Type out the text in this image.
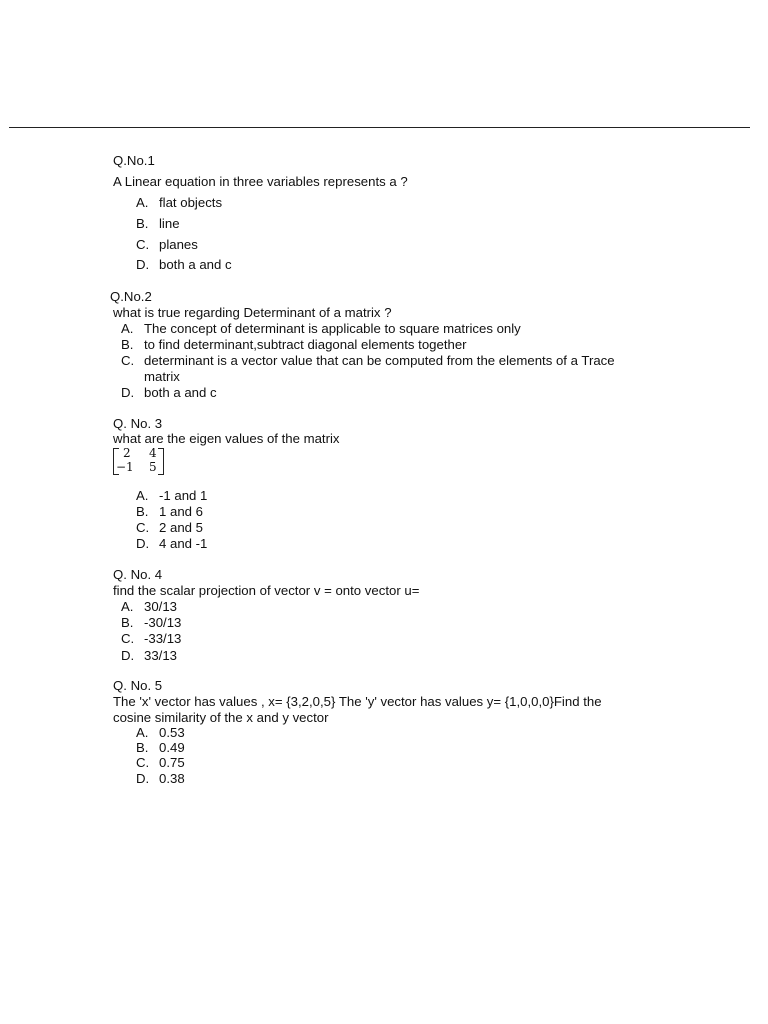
Q.No.1
A Linear equation in three variables represents a ?
A. flat objects
B. line
C. planes
D. both a and c
Q.No.2
what is true regarding Determinant of a matrix ?
A. The concept of determinant is applicable to square matrices only
B. to find determinant,subtract diagonal elements together
C. determinant is a vector value that can be computed from the elements of a Trace
matrix
D. both a and c
Q. No. 3
what are the eigen values of the matrix
2 4
−1 5
A. -1 and 1
B. 1 and 6
C. 2 and 5
D. 4 and -1
Q. No. 4
find the scalar projection of vector v = onto vector u=
A. 30/13
B. -30/13
C. -33/13
D. 33/13
Q. No. 5
The 'x' vector has values , x= {3,2,0,5} The 'y' vector has values y= {1,0,0,0}Find the
cosine similarity of the x and y vector
A. 0.53
B. 0.49
C. 0.75
D. 0.38
